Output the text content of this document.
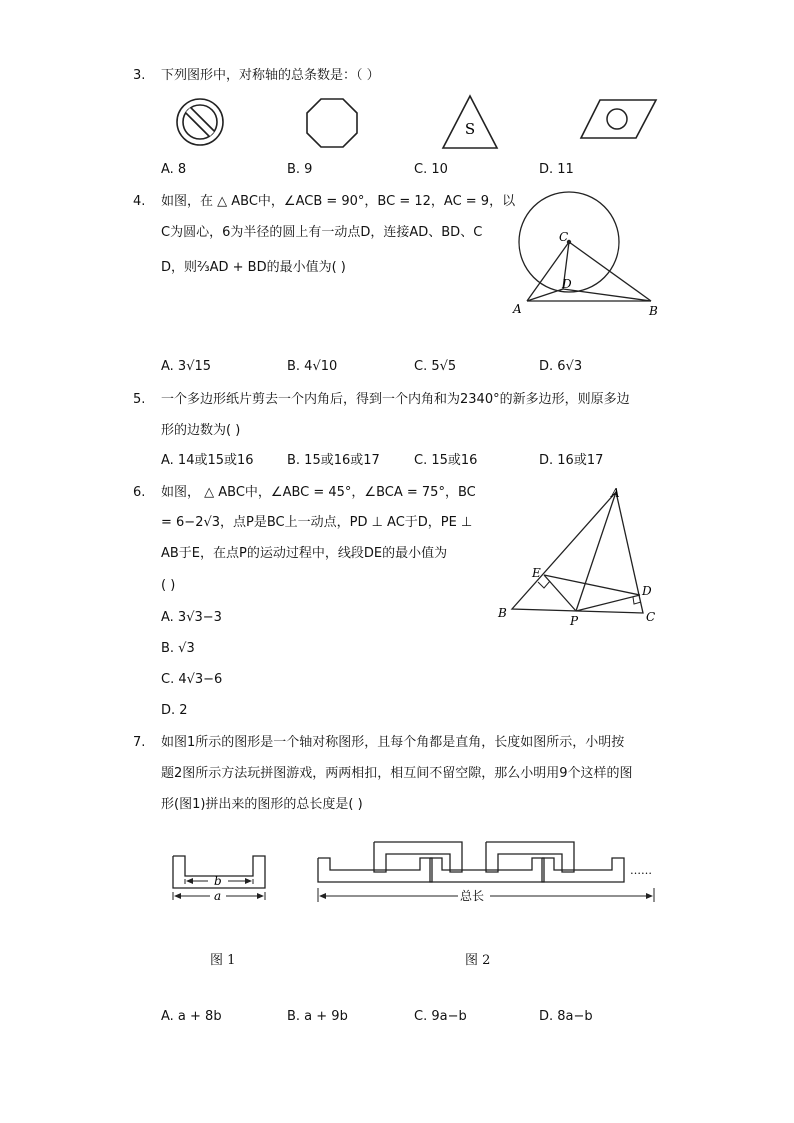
3. 下列图形中，对称轴的总条数是：（ ）
S
A. 8	B. 9	C. 10	D. 11
4. 如图，在 △ ABC中，∠ACB = 90°，BC = 12，AC = 9，以
C为圆心，6为半径的圆上有一动点D，连接AD、BD、C
D，则⅔AD + BD的最小值为( )
C
D
A	B
A. 3√15	B. 4√10	C. 5√5	D. 6√3
5. 一个多边形纸片剪去一个内角后，得到一个内角和为2340°的新多边形，则原多边
形的边数为( )
A. 14或15或16	B. 15或16或17	C. 15或16	D. 16或17
6. 如图， △ ABC中，∠ABC = 45°，∠BCA = 75°，BC
= 6−2√3，点P是BC上一动点，PD ⊥ AC于D，PE ⊥
AB于E，在点P的运动过程中，线段DE的最小值为
( )
A
E
D
B
P	C
A. 3√3−3
B. √3
C. 4√3−6
D. 2
7. 如图1所示的图形是一个轴对称图形，且每个角都是直角，长度如图所示，小明按
题2图所示方法玩拼图游戏，两两相扣，相互间不留空隙，那么小明用9个这样的图
形(图1)拼出来的图形的总长度是( )
b
a
……
总长
图 1	图 2
A. a + 8b	B. a + 9b	C. 9a−b	D. 8a−b
